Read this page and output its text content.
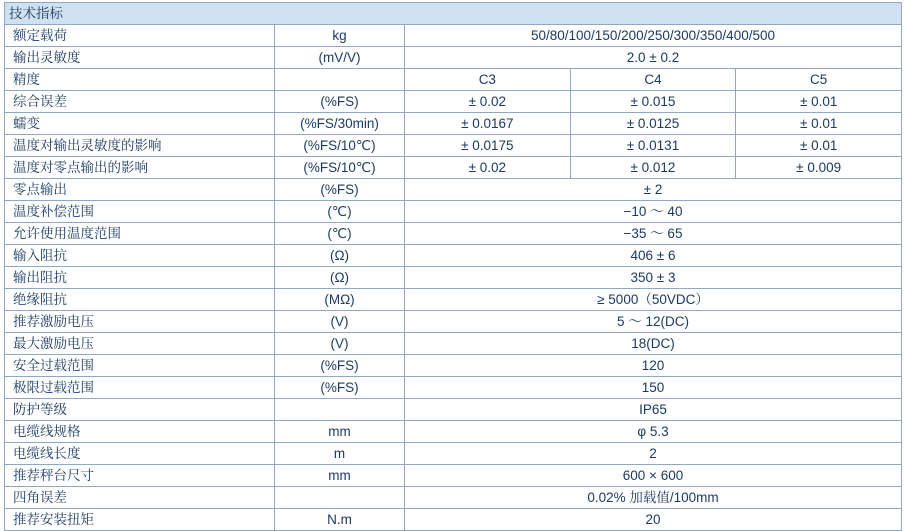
技术指标				
额定载荷	kg	50/80/100/150/200/250/300/350/400/500		
输出灵敏度	(mV/V)	2.0 ± 0.2		
精度		C3	C4	C5
综合误差	(%FS)	± 0.02	± 0.015	± 0.01
蠕变	(%FS/30min)	± 0.0167	± 0.0125	± 0.01
温度对输出灵敏度的影响	(%FS/10℃)	± 0.0175	± 0.0131	± 0.01
温度对零点输出的影响	(%FS/10℃)	± 0.02	± 0.012	± 0.009
零点输出	(%FS)	± 2		
温度补偿范围	(℃)	−10 ～ 40		
允许使用温度范围	(℃)	−35 ～ 65		
输入阻抗	(Ω)	406 ± 6		
输出阻抗	(Ω)	350 ± 3		
绝缘阻抗	(MΩ)	≥ 5000（50VDC）		
推荐激励电压	(V)	5 ～ 12(DC)		
最大激励电压	(V)	18(DC)		
安全过载范围	(%FS)	120		
极限过载范围	(%FS)	150		
防护等级		IP65		
电缆线规格	mm	φ 5.3		
电缆线长度	m	2		
推荐秤台尺寸	mm	600 × 600		
四角误差		0.02% 加载值/100mm		
推荐安装扭矩	N.m	20		
